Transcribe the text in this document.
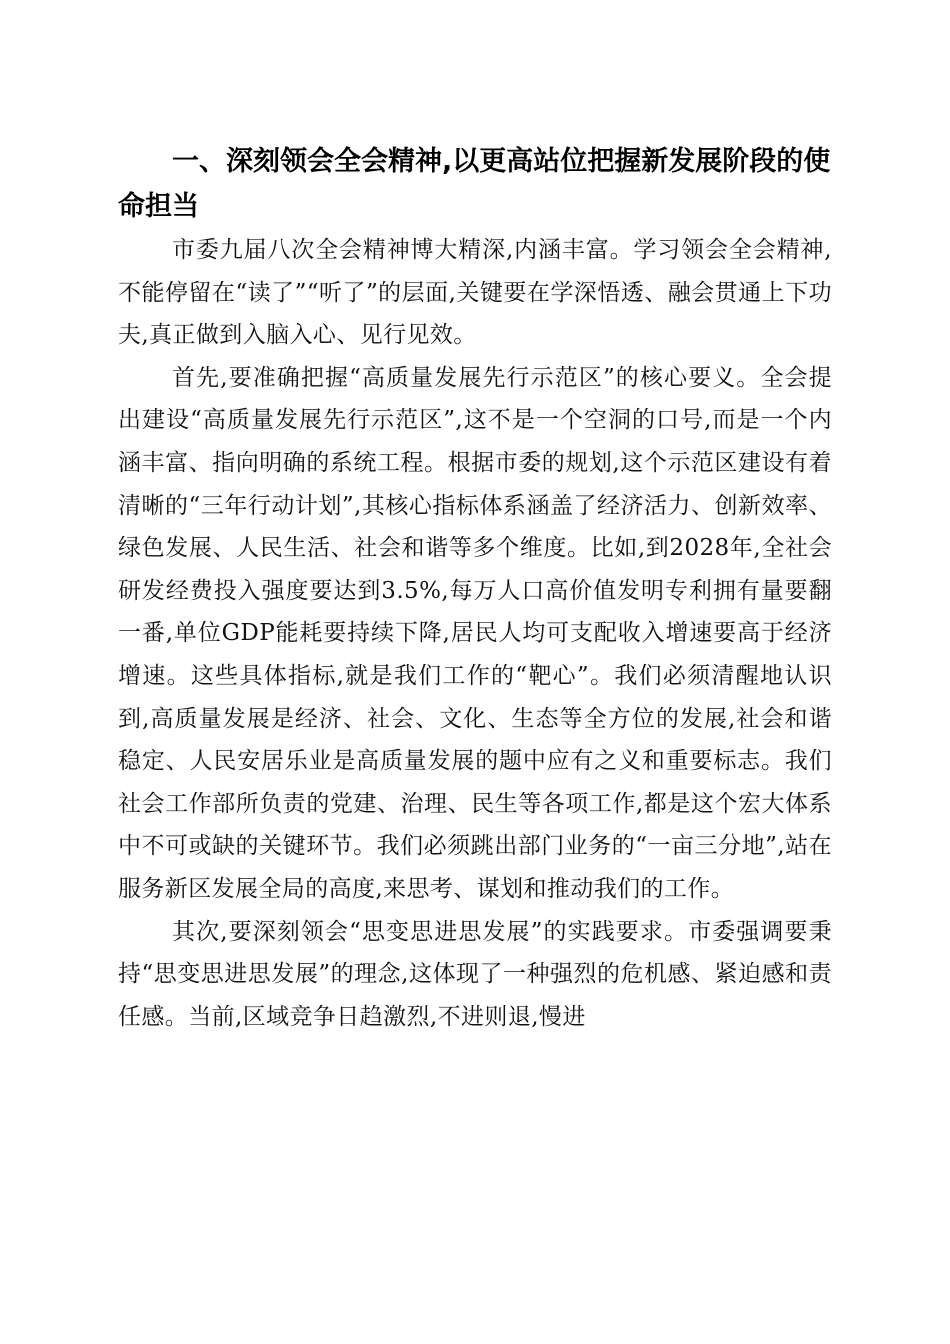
一、深刻领会全会精神,以更高站位把握新发展阶段的使命担当

市委九届八次全会精神博大精深,内涵丰富。学习领会全会精神,不能停留在“读了”“听了”的层面,关键要在学深悟透、融会贯通上下功夫,真正做到入脑入心、见行见效。

首先,要准确把握“高质量发展先行示范区”的核心要义。全会提出建设“高质量发展先行示范区”,这不是一个空洞的口号,而是一个内涵丰富、指向明确的系统工程。根据市委的规划,这个示范区建设有着清晰的“三年行动计划”,其核心指标体系涵盖了经济活力、创新效率、绿色发展、人民生活、社会和谐等多个维度。比如,到2028年,全社会研发经费投入强度要达到3.5%,每万人口高价值发明专利拥有量要翻一番,单位GDP能耗要持续下降,居民人均可支配收入增速要高于经济增速。这些具体指标,就是我们工作的“靶心”。我们必须清醒地认识到,高质量发展是经济、社会、文化、生态等全方位的发展,社会和谐稳定、人民安居乐业是高质量发展的题中应有之义和重要标志。我们社会工作部所负责的党建、治理、民生等各项工作,都是这个宏大体系中不可或缺的关键环节。我们必须跳出部门业务的“一亩三分地”,站在服务新区发展全局的高度,来思考、谋划和推动我们的工作。

其次,要深刻领会“思变思进思发展”的实践要求。市委强调要秉持“思变思进思发展”的理念,这体现了一种强烈的危机感、紧迫感和责任感。当前,区域竞争日趋激烈,不进则退,慢进
